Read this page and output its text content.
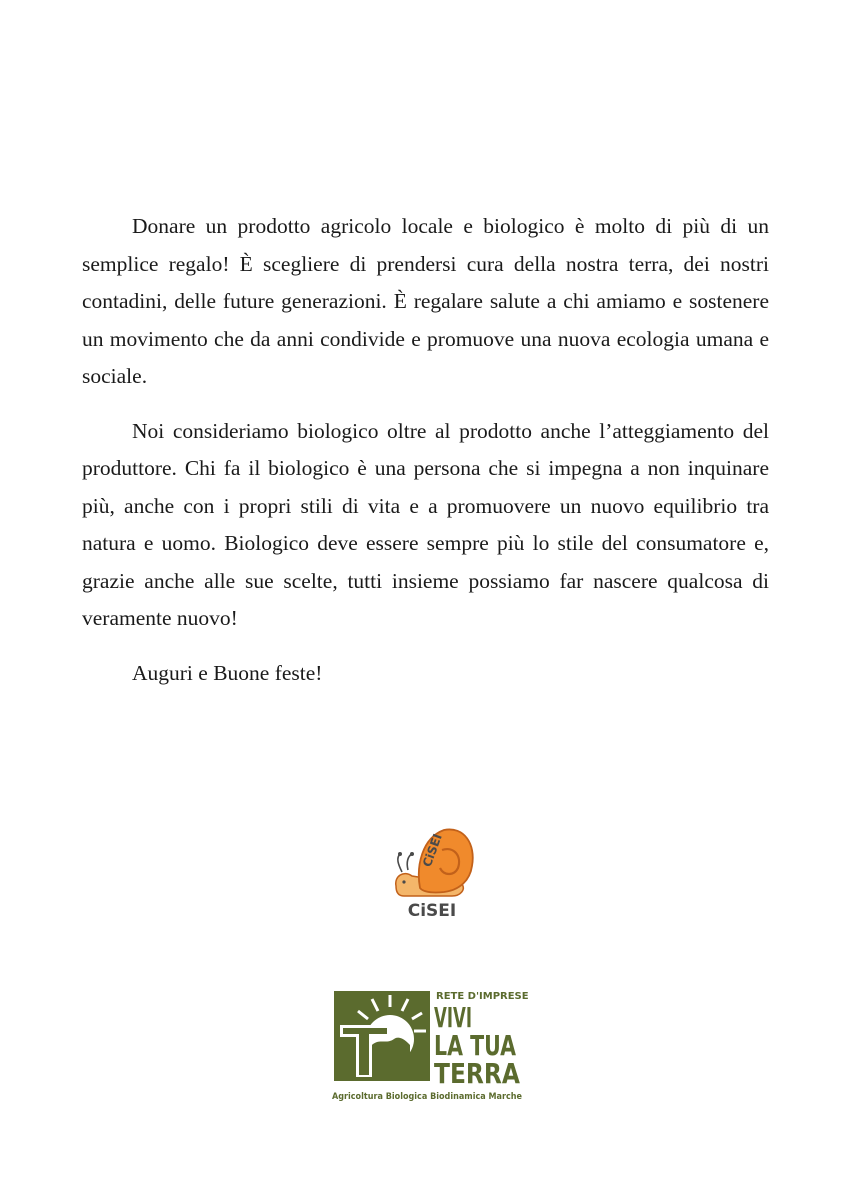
Donare un prodotto agricolo locale e biologico è molto di più di un semplice regalo! È scegliere di prendersi cura della nostra terra, dei nostri contadini, delle future generazioni. È regalare salute a chi amiamo e sostenere un movimento che da anni condivide e promuove una nuova ecologia umana e sociale.

Noi consideriamo biologico oltre al prodotto anche l’atteggiamento del produttore. Chi fa il biologico è una persona che si impegna a non inquinare più, anche con i propri stili di vita e a promuovere un nuovo equilibrio tra natura e uomo. Biologico deve essere sempre più lo stile del consumatore e, grazie anche alle sue scelte, tutti insieme possiamo far nascere qualcosa di veramente nuovo!

Auguri e Buone feste!

CiSEI
CiSEI
RETE D'IMPRESE
VIVI
LA TUA
TERRA
Agricoltura Biologica Biodinamica Marche
